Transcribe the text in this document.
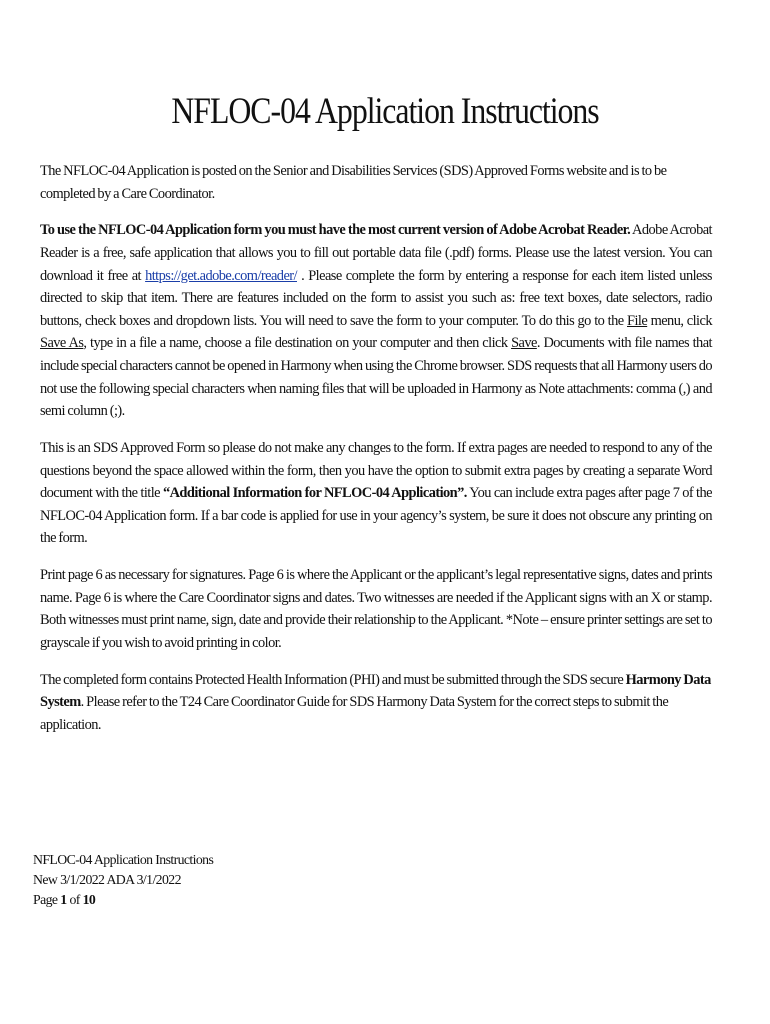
NFLOC-04 Application Instructions

The NFLOC-04 Application is posted on the Senior and Disabilities Services (SDS) Approved Forms website and is to be completed by a Care Coordinator.

To use the NFLOC-04 Application form you must have the most current version of Adobe Acrobat Reader. Adobe Acrobat Reader is a free, safe application that allows you to fill out portable data file (.pdf) forms. Please use the latest version. You can download it free at https://get.adobe.com/reader/ . Please complete the form by entering a response for each item listed unless directed to skip that item. There are features included on the form to assist you such as: free text boxes, date selectors, radio buttons, check boxes and dropdown lists. You will need to save the form to your computer. To do this go to the File menu, click Save As, type in a file a name, choose a file destination on your computer and then click Save. Documents with file names that include special characters cannot be opened in Harmony when using the Chrome browser. SDS requests that all Harmony users do not use the following special characters when naming files that will be uploaded in Harmony as Note attachments: comma (,) and semi column (;).

This is an SDS Approved Form so please do not make any changes to the form. If extra pages are needed to respond to any of the questions beyond the space allowed within the form, then you have the option to submit extra pages by creating a separate Word document with the title “Additional Information for NFLOC-04 Application”. You can include extra pages after page 7 of the NFLOC-04 Application form. If a bar code is applied for use in your agency’s system, be sure it does not obscure any printing on the form.

Print page 6 as necessary for signatures. Page 6 is where the Applicant or the applicant’s legal representative signs, dates and prints name. Page 6 is where the Care Coordinator signs and dates. Two witnesses are needed if the Applicant signs with an X or stamp. Both witnesses must print name, sign, date and provide their relationship to the Applicant. *Note – ensure printer settings are set to grayscale if you wish to avoid printing in color.

The completed form contains Protected Health Information (PHI) and must be submitted through the SDS secure Harmony Data System. Please refer to the T24 Care Coordinator Guide for SDS Harmony Data System for the correct steps to submit the application.

NFLOC-04 Application Instructions
New 3/1/2022 ADA 3/1/2022
Page 1 of 10
